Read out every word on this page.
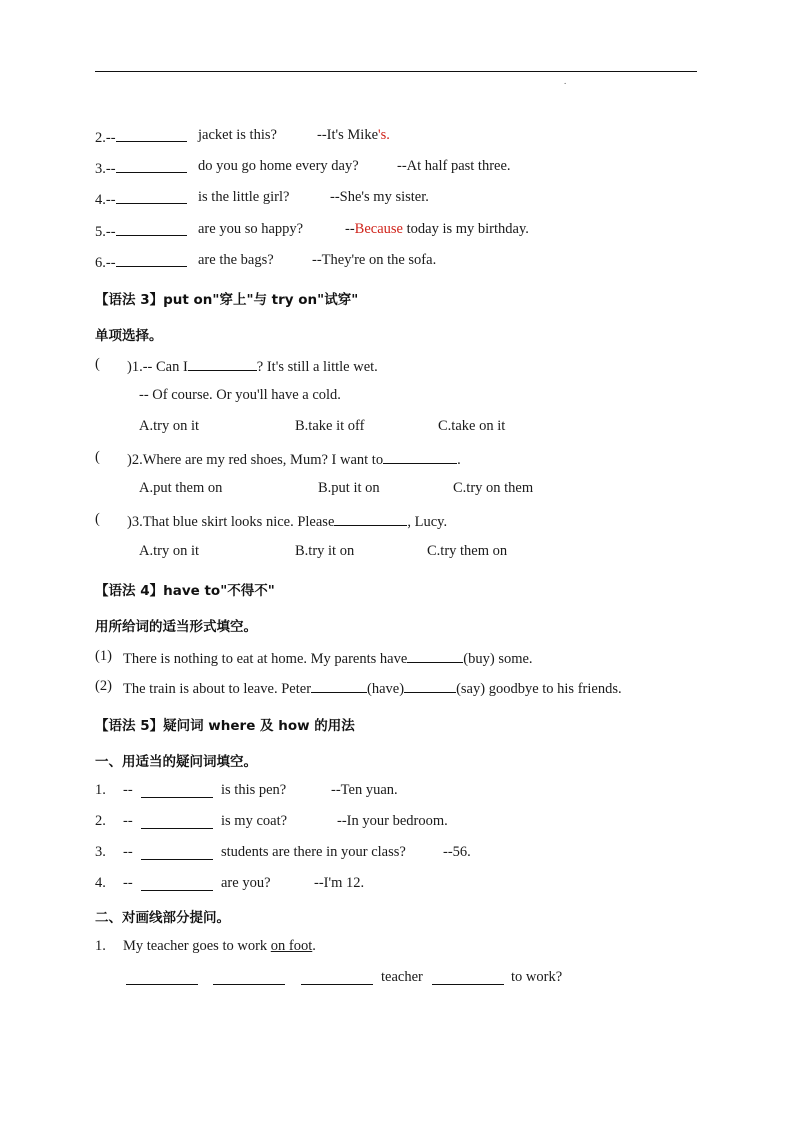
.
2.--	jacket is this?	--It's Mike's.
3.--	do you go home every day?	--At half past three.
4.--	is the little girl?	--She's my sister.
5.--	are you so happy?	--Because today is my birthday.
6.--	are the bags?	--They're on the sofa.
【语法 3】put on"穿上"与 try on"试穿"
单项选择。
( )1.-- Can I	? It's still a little wet.
-- Of course. Or you'll have a cold.
A.try on it	B.take it off	C.take on it
( )2.Where are my red shoes, Mum? I want to	.
A.put them on	B.put it on	C.try on them
( )3.That blue skirt looks nice. Please	, Lucy.
A.try on it	B.try it on	C.try them on
【语法 4】have to"不得不"
用所给词的适当形式填空。
(1) There is nothing to eat at home. My parents have	(buy) some.
(2) The train is about to leave. Peter	(have)	(say) goodbye to his friends.
【语法 5】疑问词 where 及 how 的用法
一、用适当的疑问词填空。
1. --	is this pen?	--Ten yuan.
2. --	is my coat?	--In your bedroom.
3. --	students are there in your class?	--56.
4. --	are you?	--I'm 12.
二、对画线部分提问。
1. My teacher goes to work on foot.
teacher	to work?
